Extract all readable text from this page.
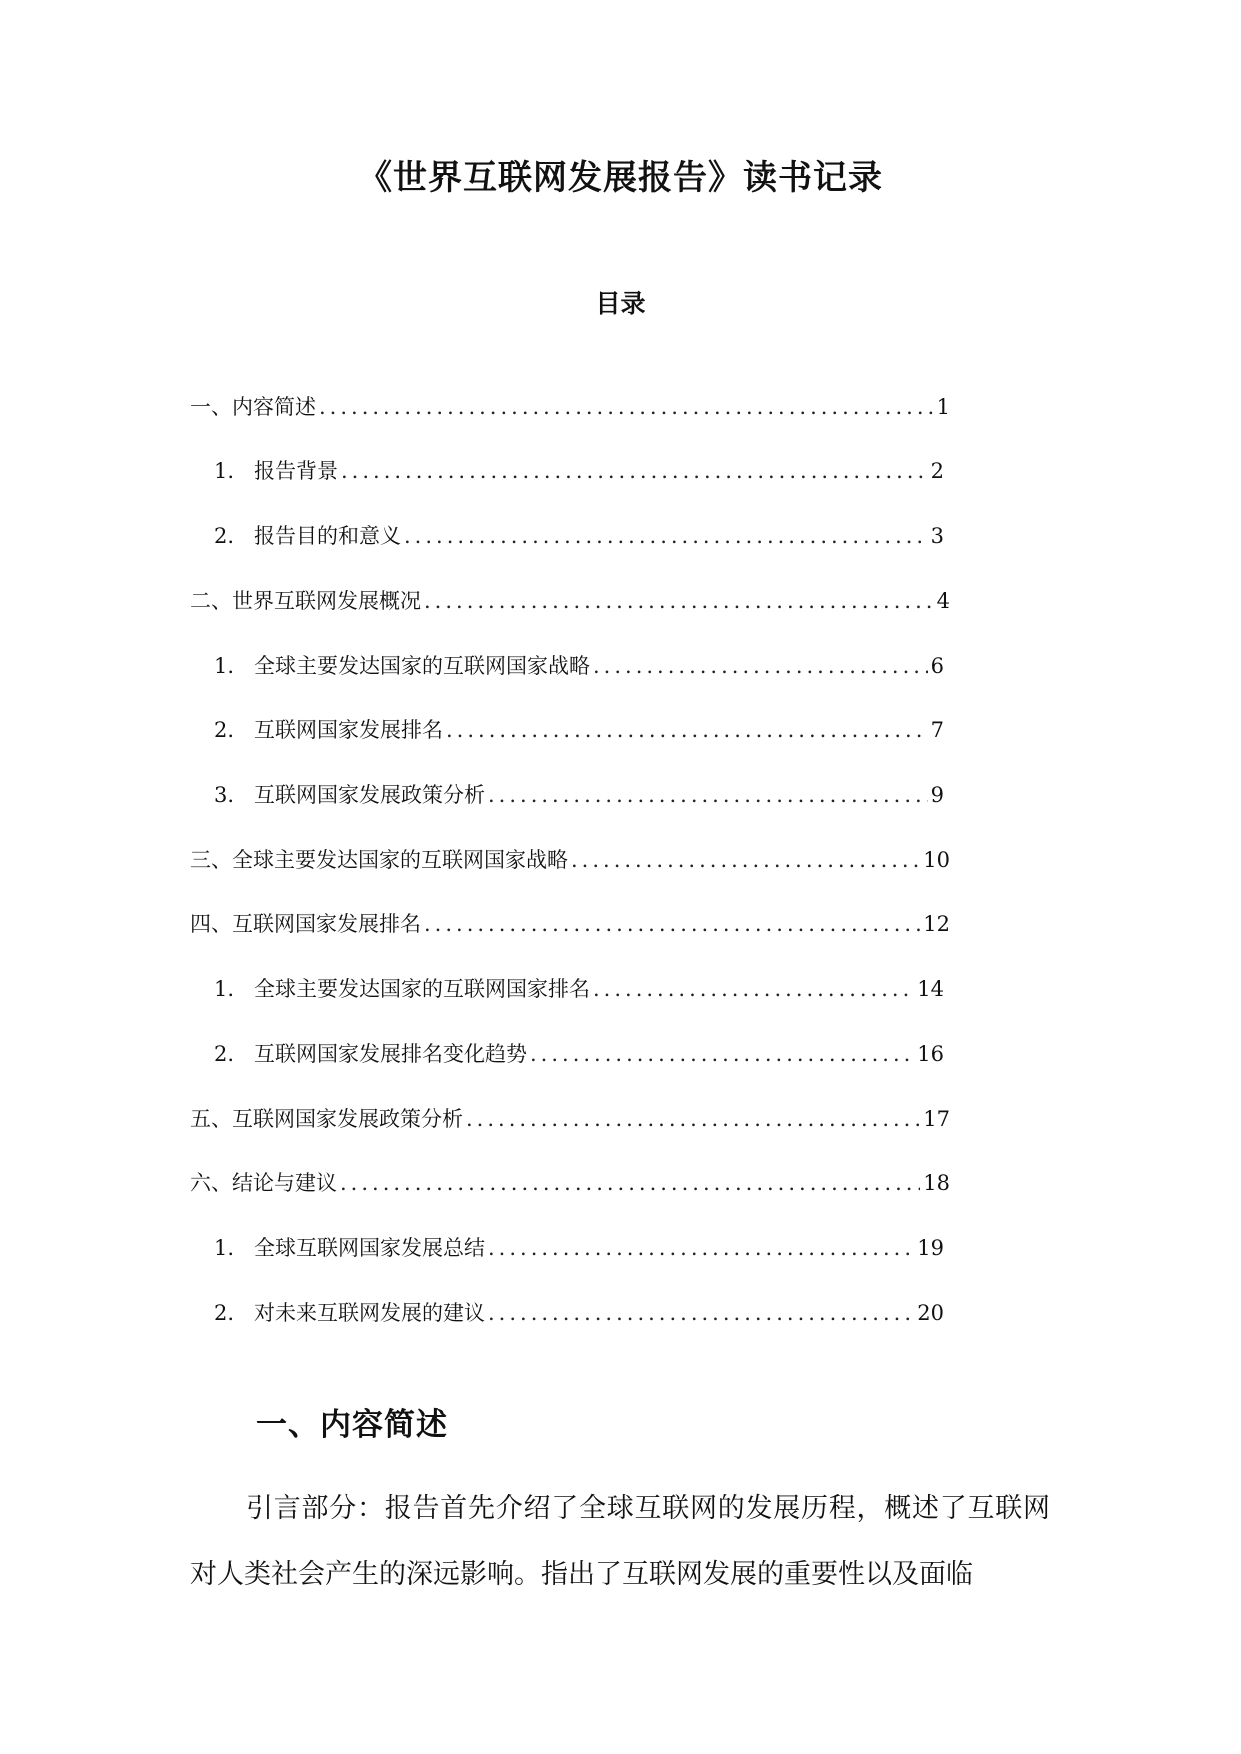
《世界互联网发展报告》读书记录
目录
一、内容简述 .....	1
1. 报告背景 .....	2
2. 报告目的和意义 .....	3
二、世界互联网发展概况 .....	4
1. 全球主要发达国家的互联网国家战略 .....	6
2. 互联网国家发展排名 .....	7
3. 互联网国家发展政策分析 .....	9
三、全球主要发达国家的互联网国家战略 .....	10
四、互联网国家发展排名 .....	12
1. 全球主要发达国家的互联网国家排名 .....	14
2. 互联网国家发展排名变化趋势 .....	16
五、互联网国家发展政策分析 .....	17
六、结论与建议 .....	18
1. 全球互联网国家发展总结 .....	19
2. 对未来互联网发展的建议 .....	20
一、内容简述

引言部分：报告首先介绍了全球互联网的发展历程，概述了互联网对人类社会产生的深远影响。指出了互联网发展的重要性以及面临
